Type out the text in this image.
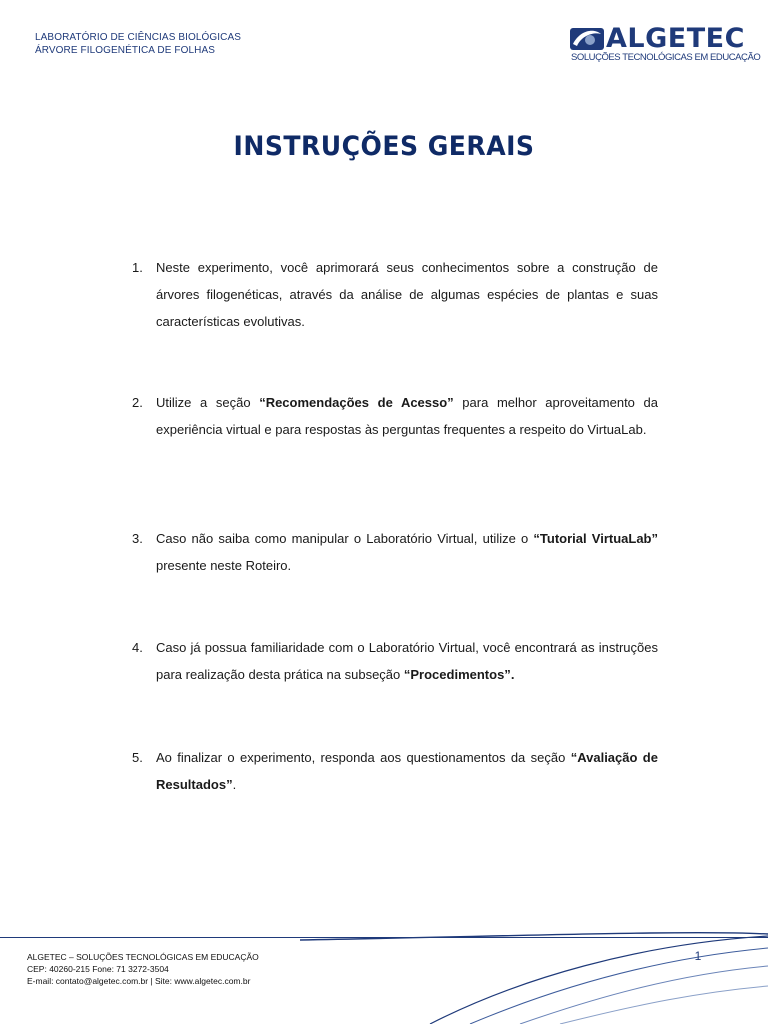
LABORATÓRIO DE CIÊNCIAS BIOLÓGICAS
ÁRVORE FILOGENÉTICA DE FOLHAS	ALGETEC
SOLUÇÕES TECNOLÓGICAS EM EDUCAÇÃO
INSTRUÇÕES GERAIS
1.	Neste experimento, você aprimorará seus conhecimentos sobre a construção de árvores filogenéticas, através da análise de algumas espécies de plantas e suas características evolutivas.
2.	Utilize a seção “Recomendações de Acesso” para melhor aproveitamento da experiência virtual e para respostas às perguntas frequentes a respeito do VirtuaLab.
3.	Caso não saiba como manipular o Laboratório Virtual, utilize o “Tutorial VirtuaLab” presente neste Roteiro.
4.	Caso já possua familiaridade com o Laboratório Virtual, você encontrará as instruções para realização desta prática na subseção “Procedimentos”.
5.	Ao finalizar o experimento, responda aos questionamentos da seção “Avaliação de Resultados”.
ALGETEC – SOLUÇÕES TECNOLÓGICAS EM EDUCAÇÃO
CEP: 40260-215 Fone: 71 3272-3504
E-mail: contato@algetec.com.br | Site: www.algetec.com.br
1
